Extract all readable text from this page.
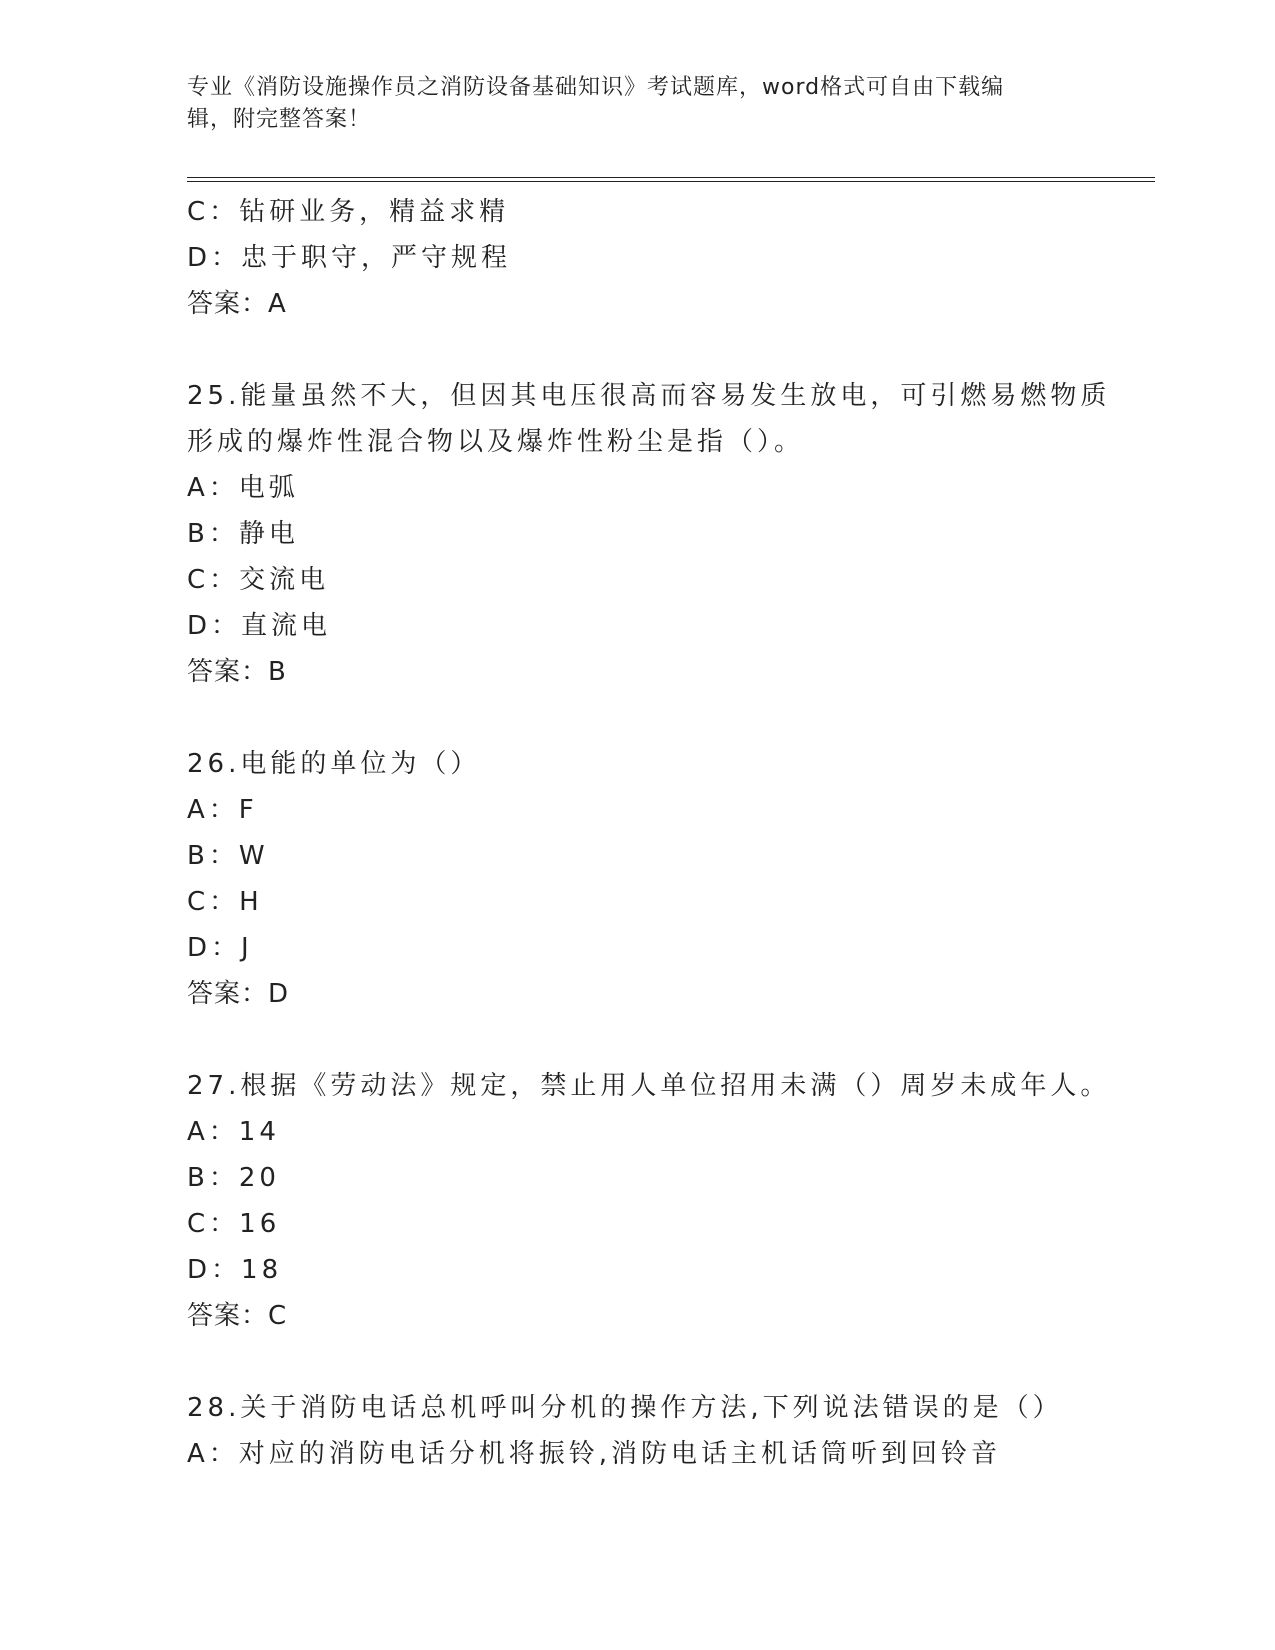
专业《消防设施操作员之消防设备基础知识》考试题库，word格式可自由下载编
辑，附完整答案！
C：钻研业务，精益求精
D：忠于职守，严守规程
答案：A
25.能量虽然不大，但因其电压很高而容易发生放电，可引燃易燃物质
形成的爆炸性混合物以及爆炸性粉尘是指（）。
A：电弧
B：静电
C：交流电
D：直流电
答案：B
26.电能的单位为（）
A：F
B：W
C：H
D：J
答案：D
27.根据《劳动法》规定，禁止用人单位招用未满（）周岁未成年人。
A：14
B：20
C：16
D：18
答案：C
28.关于消防电话总机呼叫分机的操作方法,下列说法错误的是（）
A：对应的消防电话分机将振铃,消防电话主机话筒听到回铃音
